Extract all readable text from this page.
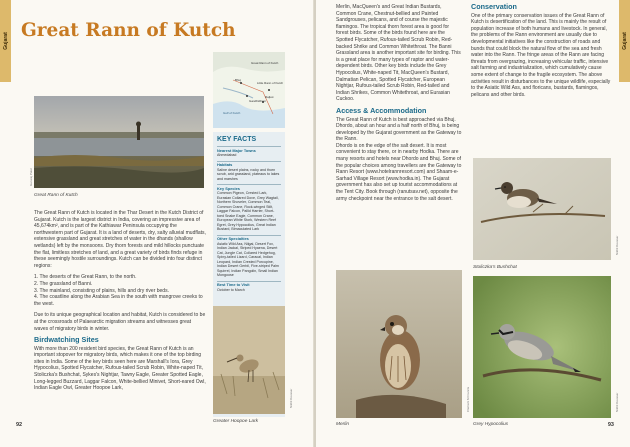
Gujarat Great Rann of Kutch
Gururaj Patel
Great Rann of Kutch
Great Rann of Kutch
Bhuj
Little Rann of Kutch
Rajkot
Gandhidham
Gulf of Kutch
KEY FACTS
Nearest Major Towns
Ahmedabad
Habitats
Saline desert plains, rocky and thorn scrub, arid grassland, plateaus to lakes and marshes
Key Species
Common Pigeon, Crested Lark, Eurasian Collared Dove, Grey Wagtail, Northern Shoveler, Common Teal, Common Crane, Rock-winged Stilt, Laggar Falcon, Pallid Harrier, Short-toed Snake Eagle, Common Crane, European White Stork, Western Reef Egret, Grey Hypocolius, Great Indian Bustard, Bimaculated Lark
Other Specialties
Asiatic Wild Ass, Nilgai, Desert Fox, Indian Jackal, Striped Hyaena, Desert Cat, Jungle Cat, Collared Hedgehog, Spiny-tailed Lizard, Caracal, Indian Leopard, Indian Crested Porcupine, Indian Desert Gerbil, Five-striped Palm Squirrel, Indian Pangolin, Small Indian Mongoose
Best Time to Visit
October to March

The Great Rann of Kutch is located in the Thar Desert in the Kutch District of Gujarat. Kutch is the largest district in India, covering an impressive area of 45,674km², and is part of the Kathiawar Peninsula occupying the northwestern part of Gujarat. It is a land of deserts, dry, salty alluvial mudflats, extensive grassland and great stretches of water in the dhands (shallow wetlands) left by the monsoons. Dry thorn forests and mild hillocks punctuate the flat, limitless stretches of land, and a great variety of birds finds refuge in these seemingly hostile surroundings. Kutch can be divided into four distinct regions:

1. The deserts of the Great Rann, to the north.
2. The grassland of Banni.
3. The mainland, consisting of plains, hills and dry river beds.
4. The coastline along the Arabian Sea in the south with mangrove creeks to the west.

Due to its unique geographical location and habitat, Kutch is considered to be at the crossroads of Palaearctic migration streams and witnesses great waves of migratory birds in winter.

Birdwatching Sites

With more than 200 resident bird species, the Great Rann of Kutch is an important stopover for migratory birds, which makes it one of the top birding sites in India. Some of the key birds seen here are Marshall's Iora, Grey Hypocolius, Spotted Flycatcher, Rufous-tailed Scrub Robin, White-naped Tit, Stoliczka's Bushchat, Sykes's Nightjar, Tawny Eagle, Greater Spotted Eagle, Long-legged Buzzard, Laggar Falcon, White-bellied Minivet, Short-eared Owl, Indian Eagle Owl, Greater Hoopoe Lark,

Nikhil Devasar
Greater Hoopoe Lark
92
Gujarat

Merlin, MacQueen's and Great Indian Bustards, Common Crane, Chestnut-bellied and Painted Sandgrouses, pelicans, and of course the majestic flamingos. The tropical thorn forest area is good for forest birds. Some of the birds found here are the Spotted Flycatcher, Rufous-tailed Scrub Robin, Red-backed Shrike and Common Whitethroat. The Banni Grassland area is another important site for birding. This is a great place for many types of raptor and water-dependent birds. Other key birds include the Grey Hypocolius, White-naped Tit, MacQueen's Bustard, Dalmatian Pelican, Spotted Flycatcher, European Nightjar, Rufous-tailed Scrub Robin, Red-tailed and Indian Shrikes, Common Whitethroat, and Eurasian Cuckoo.

Access & Accommodation

The Great Rann of Kutch is best approached via Bhuj. Dhordo, about an hour and a half north of Bhuj, is being developed by the Gujarat government as the Gateway to the Rann.

Dhordo is on the edge of the salt desert. It is most convenient to stay there, or in nearby Hodka. There are many resorts and hotels near Dhordo and Bhuj. Some of the popular choices among travellers are the Gateway to Rann Resort (www.hotelrannresort.com) and Shaam-e-Sarhad Village Resort (www.hodka.in). The Gujarat government has also set up tourist accommodations at the Tent City. Book through (ranutsav.net), opposite the army checkpoint near the entrance to the salt desert.

Conservation

One of the primary conservation issues of the Great Rann of Kutch is desertification of the land. This is mainly the result of population increase of both humans and livestock. In general, the problems of the Rann environment are usually due to developmental initiatives like the construction of roads and bunds that could block the natural flow of the sea and fresh water into the Rann. The fringe areas of the Rann are facing threats from overgrazing, increasing vehicular traffic, intensive salt farming and industrialization, which cumulatively cause some extent of change to the fragile ecosystem. The above activities result in disturbances to the unique wildlife, especially to the Asiatic Wild Ass, and floricans, bustards, flamingos, pelicans and other birds.

Nikhil Devasar
Stoliczka's Bushchat
Clement M Francis
Merlin
Nikhil Devasar
Grey Hypocolius	93
